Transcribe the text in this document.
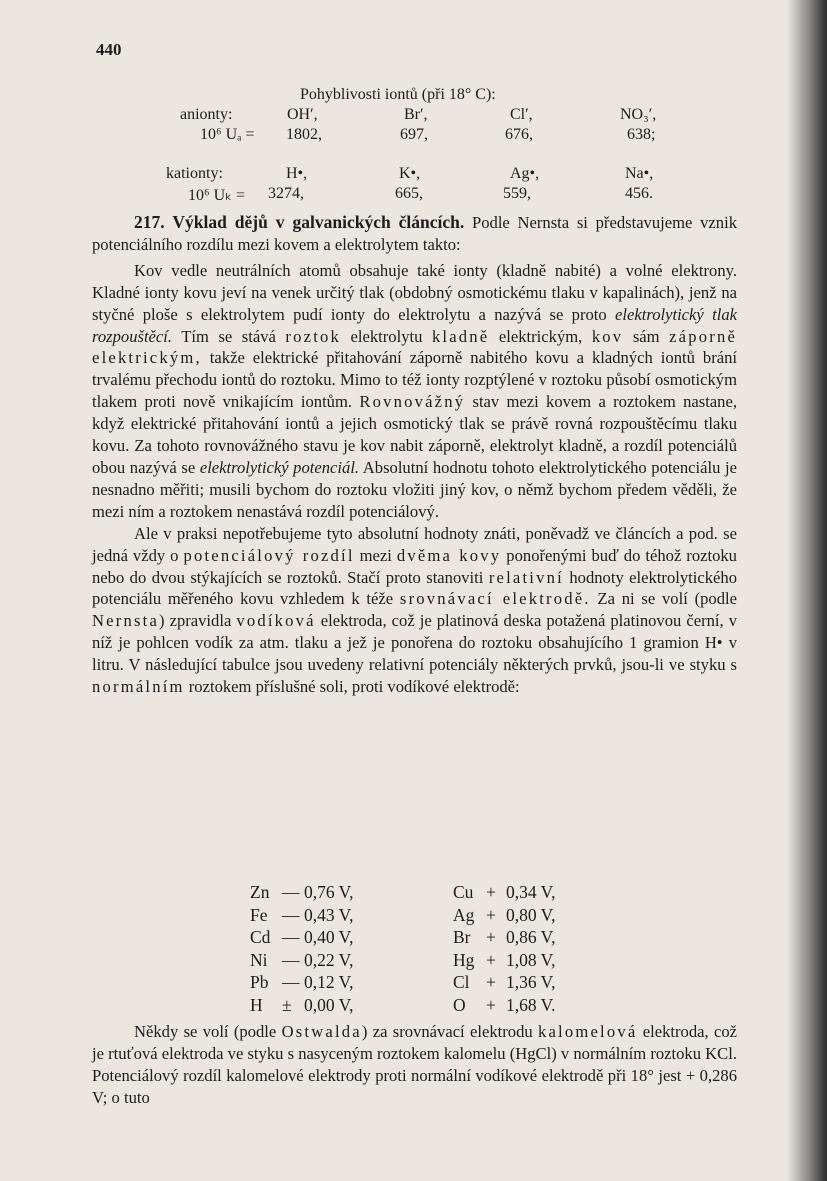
440
Pohyblivosti iontů (při 18° C):
anionty:	OH′,	Br′,	Cl′,	NO₃′,
10⁶ Uₐ = 1802,	697,	676,	638;
kationty:	H•,	K•,	Ag•,	Na•,
10⁶ Uₖ = 3274,	665,	559,	456.

217. Výklad dějů v galvanických článcích. Podle Nernsta si představujeme vznik potenciálního rozdílu mezi kovem a elektrolytem takto:

Kov vedle neutrálních atomů obsahuje také ionty (kladně nabité) a volné elektrony. Kladné ionty kovu jeví na venek určitý tlak (obdobný osmotickému tlaku v kapalinách), jenž na styčné ploše s elektrolytem pudí ionty do elektrolytu a nazývá se proto elektrolytický tlak rozpouštěcí. Tím se stává roztok elektrolytu kladně elektrickým, kov sám záporně elektrickým, takže elektrické přitahování záporně nabitého kovu a kladných iontů brání trvalému přechodu iontů do roztoku. Mimo to též ionty rozptýlené v roztoku působí osmotickým tlakem proti nově vnikajícím iontům. Rovnovážný stav mezi kovem a roztokem nastane, když elektrické přitahování iontů a jejich osmotický tlak se právě rovná rozpouštěcímu tlaku kovu. Za tohoto rovnovážného stavu je kov nabit záporně, elektrolyt kladně, a rozdíl potenciálů obou nazývá se elektrolytický potenciál. Absolutní hodnotu tohoto elektrolytického potenciálu je nesnadno měřiti; musili bychom do roztoku vložiti jiný kov, o němž bychom předem věděli, že mezi ním a roztokem nenastává rozdíl potenciálový.

Ale v praksi nepotřebujeme tyto absolutní hodnoty znáti, poněvadž ve článcích a pod. se jedná vždy o potenciálový rozdíl mezi dvěma kovy ponořenými buď do téhož roztoku nebo do dvou stýkajících se roztoků. Stačí proto stanoviti relativní hodnoty elektrolytického potenciálu měřeného kovu vzhledem k téže srovnávací elektrodě. Za ni se volí (podle Nernsta) zpravidla vodíková elektroda, což je platinová deska potažená platinovou černí, v níž je pohlcen vodík za atm. tlaku a jež je ponořena do roztoku obsahujícího 1 gramion H• v litru. V následující tabulce jsou uvedeny relativní potenciály některých prvků, jsou-li ve styku s normálním roztokem příslušné soli, proti vodíkové elektrodě:

Zn — 0,76 V,	Cu + 0,34 V,
Fe — 0,43 V,	Ag + 0,80 V,
Cd — 0,40 V,	Br + 0,86 V,
Ni — 0,22 V,	Hg + 1,08 V,
Pb — 0,12 V,	Cl + 1,36 V,
H ± 0,00 V,	O + 1,68 V.

Někdy se volí (podle Ostwalda) za srovnávací elektrodu kalomelová elektroda, což je rtuťová elektroda ve styku s nasyceným roztokem kalomelu (HgCl) v normálním roztoku KCl. Potenciálový rozdíl kalomelové elektrody proti normální vodíkové elektrodě při 18° jest + 0,286 V; o tuto
